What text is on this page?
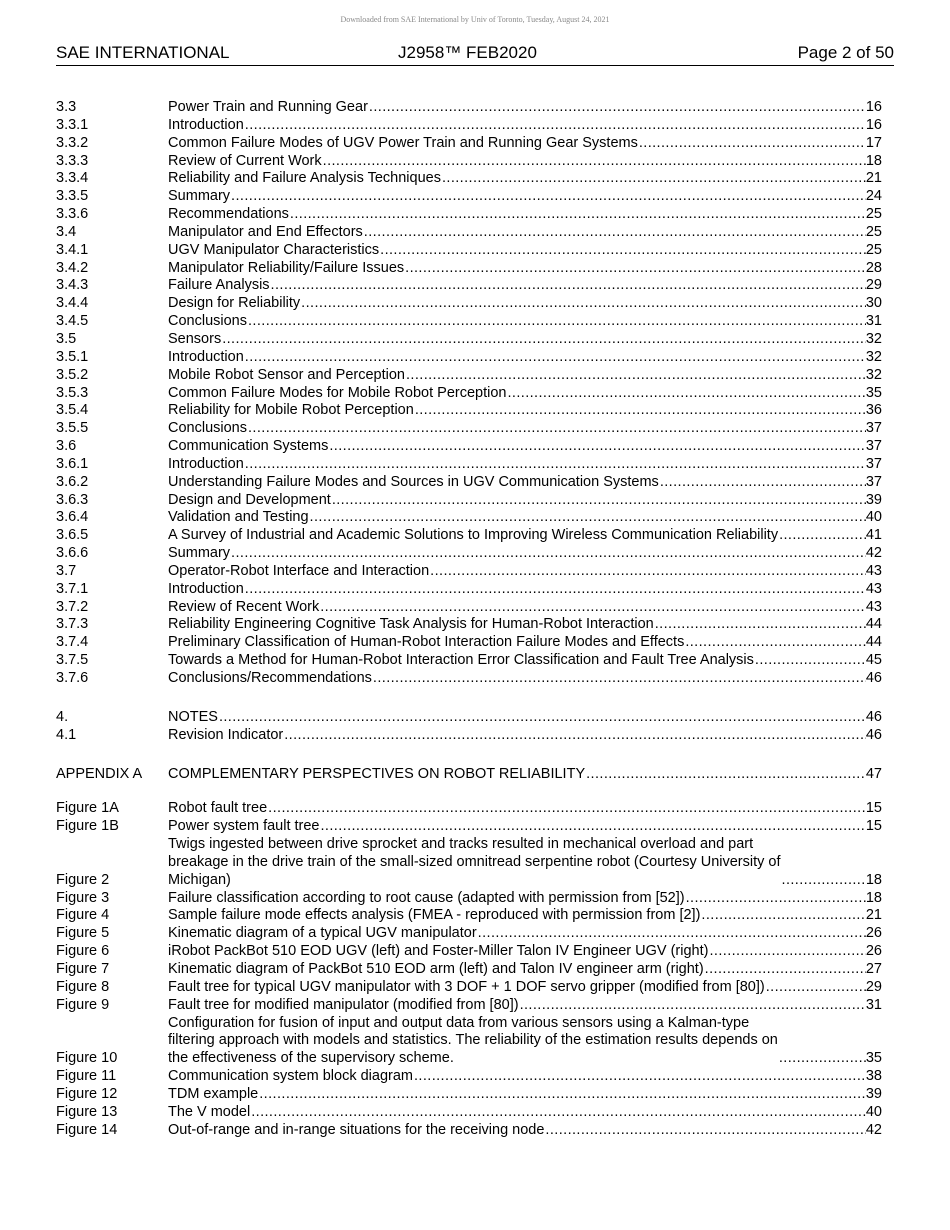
Downloaded from SAE International by Univ of Toronto, Tuesday, August 24, 2021
SAE INTERNATIONAL	J2958™ FEB2020	Page 2 of 50
3.3	Power Train and Running Gear .....	16
3.3.1	Introduction .....	16
3.3.2	Common Failure Modes of UGV Power Train and Running Gear Systems .....	17
3.3.3	Review of Current Work .....	18
3.3.4	Reliability and Failure Analysis Techniques .....	21
3.3.5	Summary .....	24
3.3.6	Recommendations .....	25
3.4	Manipulator and End Effectors .....	25
3.4.1	UGV Manipulator Characteristics .....	25
3.4.2	Manipulator Reliability/Failure Issues .....	28
3.4.3	Failure Analysis .....	29
3.4.4	Design for Reliability .....	30
3.4.5	Conclusions .....	31
3.5	Sensors .....	32
3.5.1	Introduction .....	32
3.5.2	Mobile Robot Sensor and Perception .....	32
3.5.3	Common Failure Modes for Mobile Robot Perception .....	35
3.5.4	Reliability for Mobile Robot Perception .....	36
3.5.5	Conclusions .....	37
3.6	Communication Systems .....	37
3.6.1	Introduction .....	37
3.6.2	Understanding Failure Modes and Sources in UGV Communication Systems .....	37
3.6.3	Design and Development .....	39
3.6.4	Validation and Testing .....	40
3.6.5	A Survey of Industrial and Academic Solutions to Improving Wireless Communication Reliability .....	41
3.6.6	Summary .....	42
3.7	Operator-Robot Interface and Interaction .....	43
3.7.1	Introduction .....	43
3.7.2	Review of Recent Work .....	43
3.7.3	Reliability Engineering Cognitive Task Analysis for Human-Robot Interaction .....	44
3.7.4	Preliminary Classification of Human-Robot Interaction Failure Modes and Effects .....	44
3.7.5	Towards a Method for Human-Robot Interaction Error Classification and Fault Tree Analysis .....	45
3.7.6	Conclusions/Recommendations .....	46
4.	NOTES .....	46
4.1	Revision Indicator .....	46
APPENDIX A	COMPLEMENTARY PERSPECTIVES ON ROBOT RELIABILITY .....	47
Figure 1A	Robot fault tree .....	15
Figure 1B	Power system fault tree .....	15
Figure 2
Twigs ingested between drive sprocket and tracks resulted in mechanical overload and part
breakage in the drive train of the small-sized omnitread serpentine robot (Courtesy University of
Michigan) .....	18
Figure 3	Failure classification according to root cause (adapted with permission from [52]) .....	18
Figure 4	Sample failure mode effects analysis (FMEA - reproduced with permission from [2]) .....	21
Figure 5	Kinematic diagram of a typical UGV manipulator .....	26
Figure 6	iRobot PackBot 510 EOD UGV (left) and Foster-Miller Talon IV Engineer UGV (right) .....	26
Figure 7	Kinematic diagram of PackBot 510 EOD arm (left) and Talon IV engineer arm (right) .....	27
Figure 8	Fault tree for typical UGV manipulator with 3 DOF + 1 DOF servo gripper (modified from [80]) .....	29
Figure 9	Fault tree for modified manipulator (modified from [80]) .....	31
Figure 10
Configuration for fusion of input and output data from various sensors using a Kalman-type
filtering approach with models and statistics. The reliability of the estimation results depends on
the effectiveness of the supervisory scheme. .....	35
Figure 11	Communication system block diagram .....	38
Figure 12	TDM example .....	39
Figure 13	The V model .....	40
Figure 14	Out-of-range and in-range situations for the receiving node .....	42
